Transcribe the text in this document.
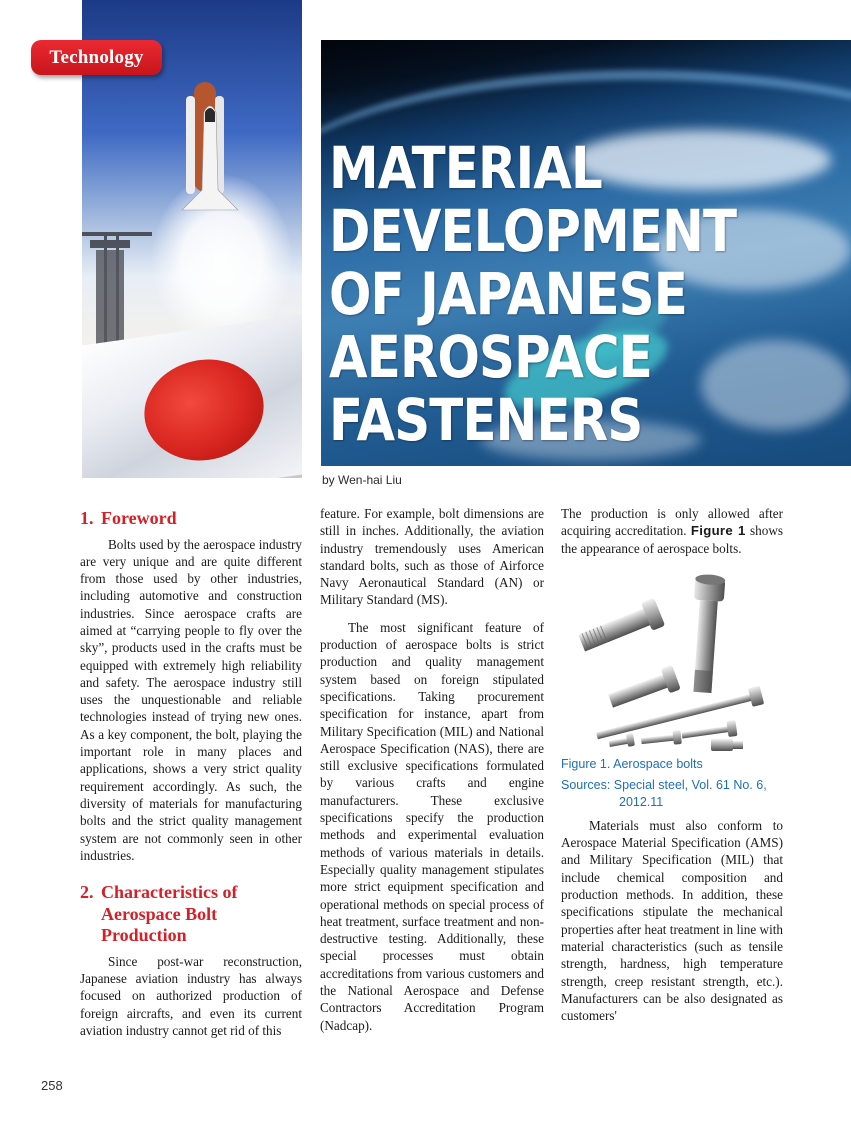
Technology
MATERIAL
DEVELOPMENT
OF JAPANESE
AEROSPACE
FASTENERS
by Wen-hai Liu
1. Foreword

Bolts used by the aerospace industry are very unique and are quite different from those used by other industries, including automotive and construction industries. Since aerospace crafts are aimed at “carrying people to fly over the sky”, products used in the crafts must be equipped with extremely high reliability and safety. The aerospace industry still uses the unquestionable and reliable technologies instead of trying new ones. As a key component, the bolt, playing the important role in many places and applications, shows a very strict quality requirement accordingly. As such, the diversity of materials for manufacturing bolts and the strict quality management system are not commonly seen in other industries.

2. Characteristics of
Aerospace Bolt
Production

Since post-war reconstruction, Japanese aviation industry has always focused on authorized production of foreign aircrafts, and even its current aviation industry cannot get rid of this

feature. For example, bolt dimensions are still in inches. Additionally, the aviation industry tremendously uses American standard bolts, such as those of Airforce Navy Aeronautical Standard (AN) or Military Standard (MS).

The most significant feature of production of aerospace bolts is strict production and quality management system based on foreign stipulated specifications. Taking procurement specification for instance, apart from Military Specification (MIL) and National Aerospace Specification (NAS), there are still exclusive specifications formulated by various crafts and engine manufacturers. These exclusive specifications specify the production methods and experimental evaluation methods of various materials in details. Especially quality management stipulates more strict equipment specification and operational methods on special process of heat treatment, surface treatment and non-destructive testing. Additionally, these special processes must obtain accreditations from various customers and the National Aerospace and Defense Contractors Accreditation Program (Nadcap).

The production is only allowed after acquiring accreditation. Figure 1 shows the appearance of aerospace bolts.

Figure 1. Aerospace bolts

Sources: Special steel, Vol. 61 No. 6,
2012.11

Materials must also conform to Aerospace Material Specification (AMS) and Military Specification (MIL) that include chemical composition and production methods. In addition, these specifications stipulate the mechanical properties after heat treatment in line with material characteristics (such as tensile strength, hardness, high temperature strength, creep resistant strength, etc.). Manufacturers can be also designated as customers'

258
